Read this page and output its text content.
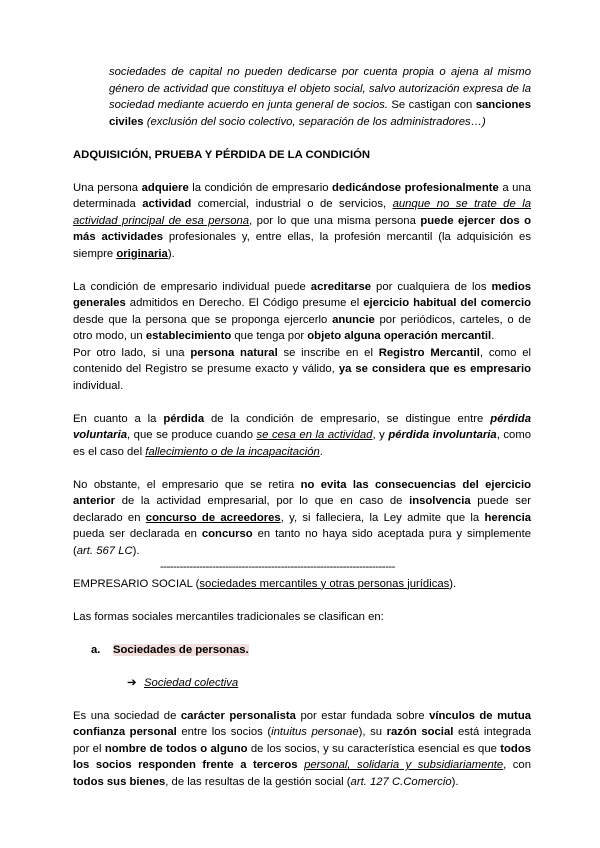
sociedades de capital no pueden dedicarse por cuenta propia o ajena al mismo género de actividad que constituya el objeto social, salvo autorización expresa de la sociedad mediante acuerdo en junta general de socios. Se castigan con sanciones civiles (exclusión del socio colectivo, separación de los administradores…)

ADQUISICIÓN, PRUEBA Y PÉRDIDA DE LA CONDICIÓN

Una persona adquiere la condición de empresario dedicándose profesionalmente a una determinada actividad comercial, industrial o de servicios, aunque no se trate de la actividad principal de esa persona, por lo que una misma persona puede ejercer dos o más actividades profesionales y, entre ellas, la profesión mercantil (la adquisición es siempre originaria).

La condición de empresario individual puede acreditarse por cualquiera de los medios generales admitidos en Derecho. El Código presume el ejercicio habitual del comercio desde que la persona que se proponga ejercerlo anuncie por periódicos, carteles, o de otro modo, un establecimiento que tenga por objeto alguna operación mercantil.

Por otro lado, si una persona natural se inscribe en el Registro Mercantil, como el contenido del Registro se presume exacto y válido, ya se considera que es empresario individual.

En cuanto a la pérdida de la condición de empresario, se distingue entre pérdida voluntaria, que se produce cuando se cesa en la actividad, y pérdida involuntaria, como es el caso del fallecimiento o de la incapacitación.

No obstante, el empresario que se retira no evita las consecuencias del ejercicio anterior de la actividad empresarial, por lo que en caso de insolvencia puede ser declarado en concurso de acreedores, y, si falleciera, la Ley admite que la herencia pueda ser declarada en concurso en tanto no haya sido aceptada pura y simplemente (art. 567 LC).

------------------------------------------------------------------------

EMPRESARIO SOCIAL (sociedades mercantiles y otras personas jurídicas).

Las formas sociales mercantiles tradicionales se clasifican en:

a. Sociedades de personas.

➔ Sociedad colectiva

Es una sociedad de carácter personalista por estar fundada sobre vínculos de mutua confianza personal entre los socios (intuitus personae), su razón social está integrada por el nombre de todos o alguno de los socios, y su característica esencial es que todos los socios responden frente a terceros personal, solidaria y subsidiariamente, con todos sus bienes, de las resultas de la gestión social (art. 127 C.Comercio).
